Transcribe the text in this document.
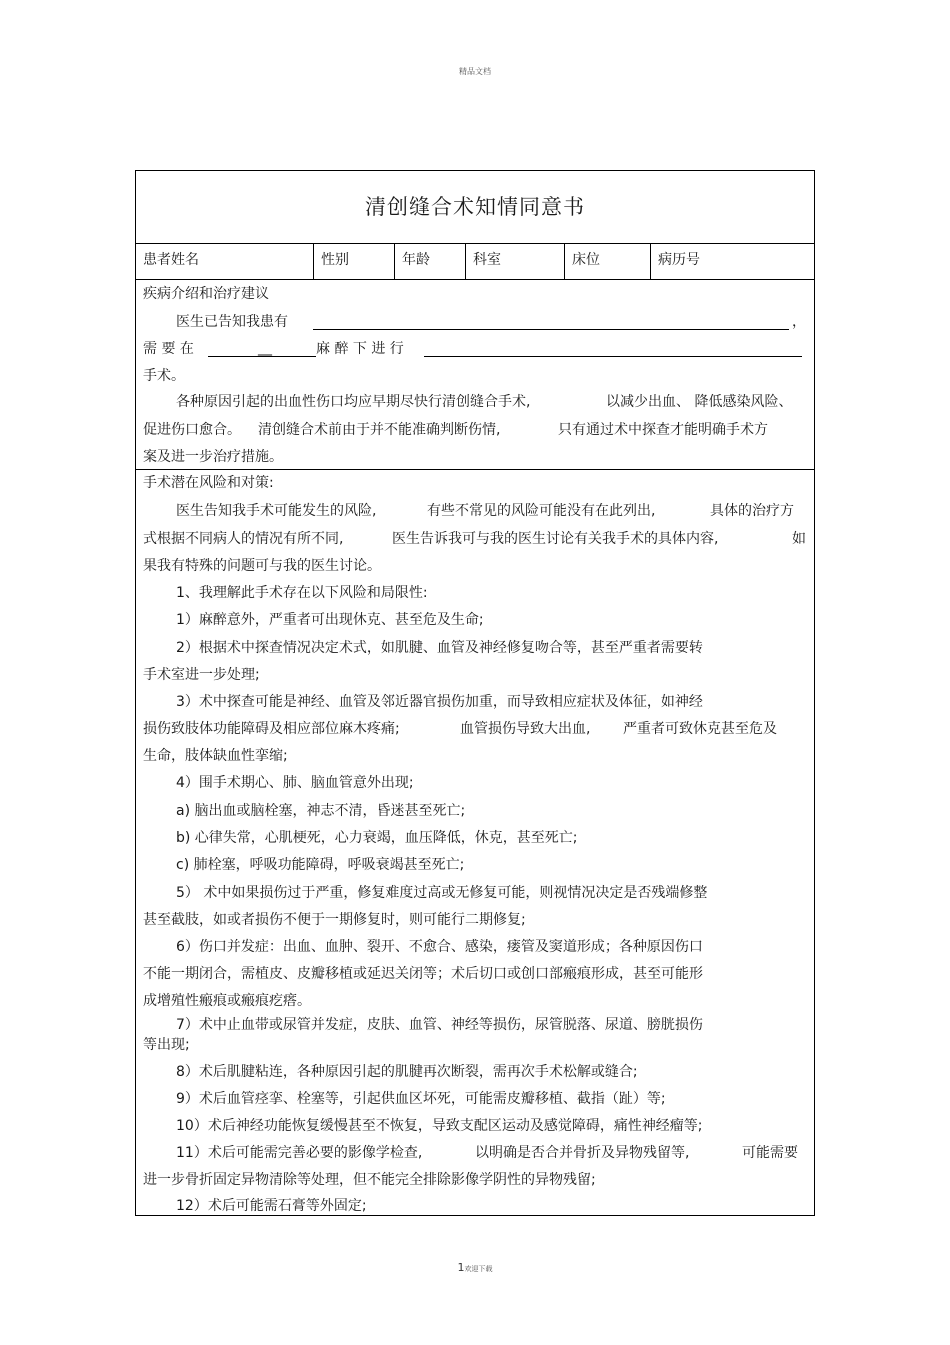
精品文档
清创缝合术知情同意书
患者姓名	性别	年龄	科室	床位	病历号
疾病介绍和治疗建议
医生已告知我患有	，
需 要 在	__	麻 醉 下 进 行
手术。
各种原因引起的出血性伤口均应早期尽快行清创缝合手术,	以减少出血、 降低感染风险、
促进伤口愈合。 清创缝合术前由于并不能准确判断伤情,	只有通过术中探查才能明确手术方
案及进一步治疗措施。
手术潜在风险和对策:
医生告知我手术可能发生的风险,	有些不常见的风险可能没有在此列出,	具体的治疗方
式根据不同病人的情况有所不同,	医生告诉我可与我的医生讨论有关我手术的具体内容,	如
果我有特殊的问题可与我的医生讨论。
1、我理解此手术存在以下风险和局限性:
1）麻醉意外，严重者可出现休克、甚至危及生命;
2）根据术中探查情况决定术式，如肌腱、血管及神经修复吻合等，甚至严重者需要转
手术室进一步处理;
3）术中探查可能是神经、血管及邻近器官损伤加重，而导致相应症状及体征，如神经
损伤致肢体功能障碍及相应部位麻木疼痛;	血管损伤导致大出血, 严重者可致休克甚至危及
生命，肢体缺血性挛缩;
4）围手术期心、肺、脑血管意外出现;
a) 脑出血或脑栓塞，神志不清，昏迷甚至死亡;
b) 心律失常，心肌梗死，心力衰竭，血压降低，休克，甚至死亡;
c) 肺栓塞，呼吸功能障碍，呼吸衰竭甚至死亡;
5） 术中如果损伤过于严重，修复难度过高或无修复可能，则视情况决定是否残端修整
甚至截肢，如或者损伤不便于一期修复时，则可能行二期修复;
6）伤口并发症：出血、血肿、裂开、不愈合、感染，瘘管及窦道形成；各种原因伤口
不能一期闭合，需植皮、皮瓣移植或延迟关闭等；术后切口或创口部瘢痕形成，甚至可能形
成增殖性瘢痕或瘢痕疙瘩。
7）术中止血带或尿管并发症，皮肤、血管、神经等损伤，尿管脱落、尿道、膀胱损伤
等出现;
8）术后肌腱粘连，各种原因引起的肌腱再次断裂，需再次手术松解或缝合;
9）术后血管痉挛、栓塞等，引起供血区坏死，可能需皮瓣移植、截指（趾）等;
10）术后神经功能恢复缓慢甚至不恢复，导致支配区运动及感觉障碍，痛性神经瘤等;
11）术后可能需完善必要的影像学检查,	以明确是否合并骨折及异物残留等,	可能需要
进一步骨折固定异物清除等处理，但不能完全排除影像学阴性的异物残留;
12）术后可能需石膏等外固定;
1欢迎下载
